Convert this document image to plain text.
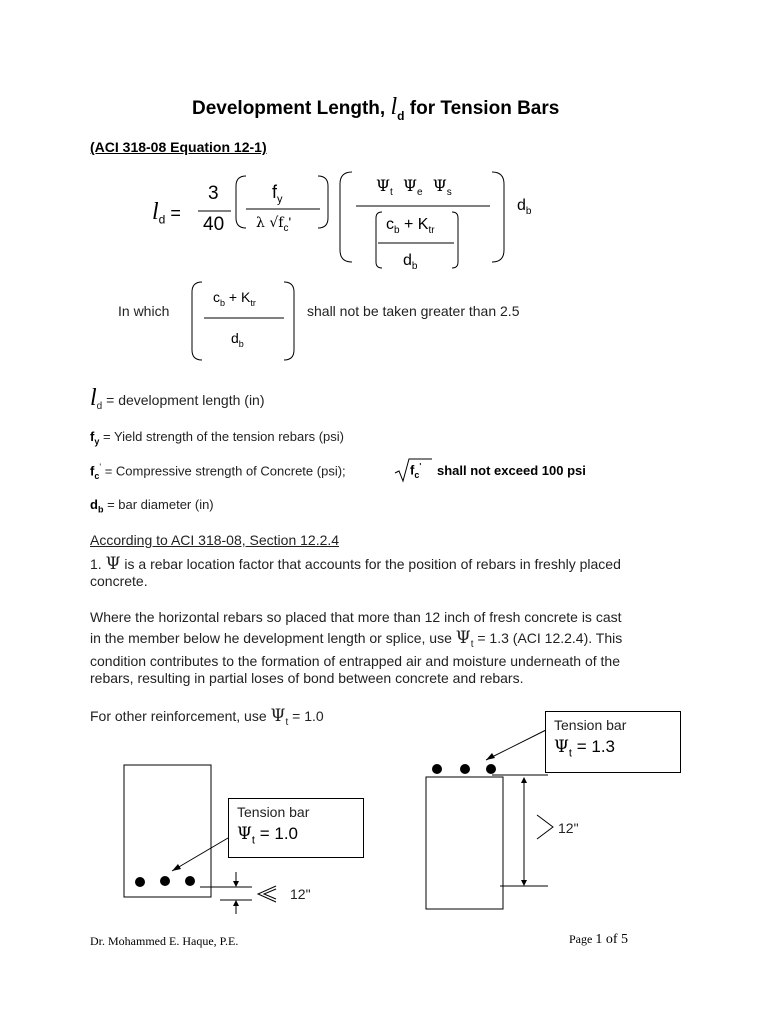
Development Length, $l_d$ for Tension Bars
(ACI 318-08 Equation 12-1)
$l_d$ =
3
40
$f_y$
λ $√f_c'$
$\Psi_t$ $\Psi_e$ $\Psi_s$
$c_b + K_{tr}$
$d_b$
$d_b$
In which
$c_b + K_{tr}$
$d_b$
shall not be taken greater than 2.5
$l_d$ = development length (in)
$f_y$ = Yield strength of the tension rebars (psi)
$f_c'$ = Compressive strength of Concrete (psi);	$f_c'$ shall not exceed 100 psi
$d_b$ = bar diameter (in)
According to ACI 318-08, Section 12.2.4
1. Ψ is a rebar location factor that accounts for the position of rebars in freshly placed
concrete.
Where the horizontal rebars so placed that more than 12 inch of fresh concrete is cast
in the member below he development length or splice, use $\Psi_t = 1.3$ (ACI 12.2.4). This
condition contributes to the formation of entrapped air and moisture underneath of the
rebars, resulting in partial loses of bond between concrete and rebars.
For other reinforcement, use $\Psi_t = 1.0$
Tension bar
$\Psi_t = 1.0$
12"
Tension bar
$\Psi_t = 1.3$
12"
Dr. Mohammed E. Haque, P.E.	Page 1 of 5
